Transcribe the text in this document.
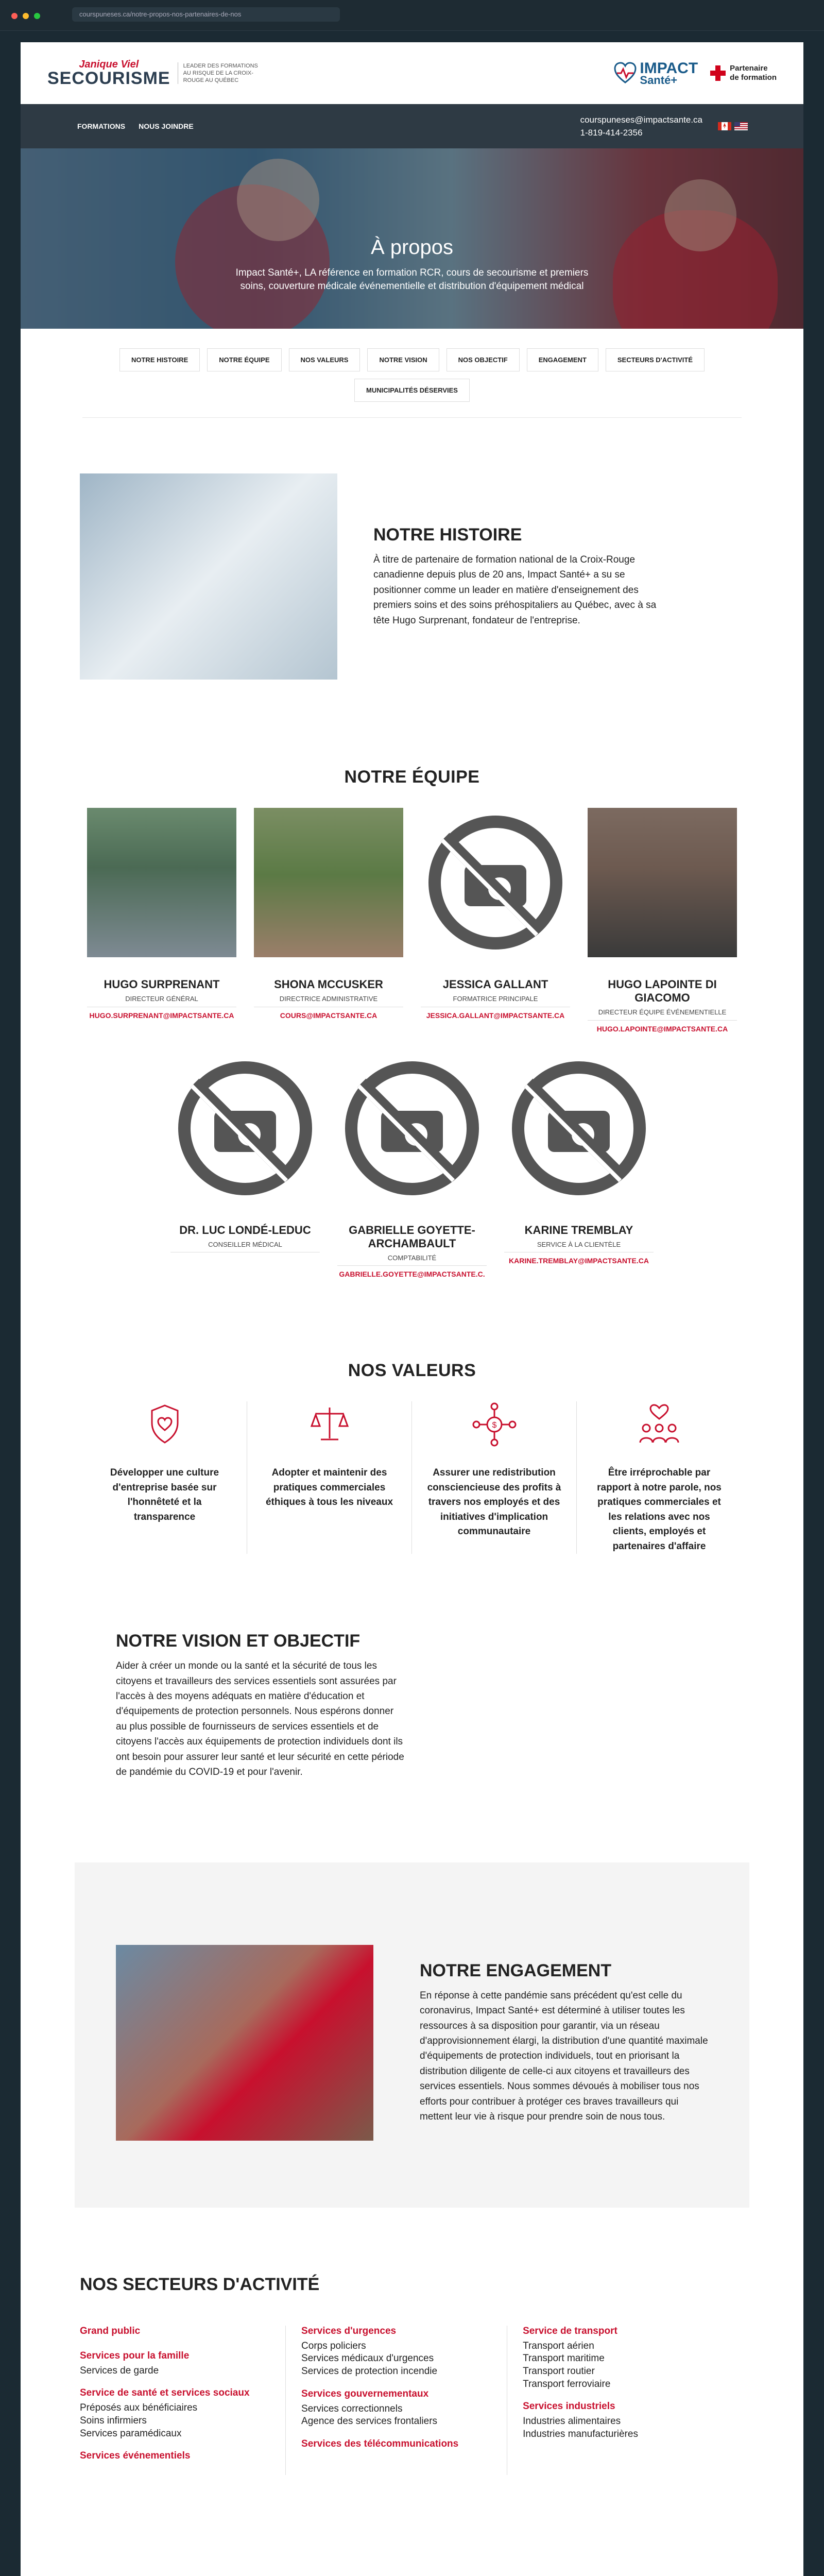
courspuneses.ca/notre-propos-nos-partenaires-de-nos
Janique Viel
SECOURISME
LEADER DES FORMATIONS AU RISQUE DE LA CROIX-ROUGE AU QUÉBEC
IMPACT
Santé+
Partenaire
de formation
FORMATIONS NOUS JOINDRE
courspuneses@impactsante.ca
1-819-414-2356
À propos

Impact Santé+, LA référence en formation RCR, cours de secourisme et premiers soins, couverture médicale événementielle et distribution d'équipement médical

NOTRE HISTOIRE	NOTRE ÉQUIPE	NOS VALEURS	NOTRE VISION	NOS OBJECTIF	ENGAGEMENT	SECTEURS D'ACTIVITÉ
MUNICIPALITÉS DÉSERVIES
NOTRE HISTOIRE

À titre de partenaire de formation national de la Croix-Rouge canadienne depuis plus de 20 ans, Impact Santé+ a su se positionner comme un leader en matière d'enseignement des premiers soins et des soins préhospitaliers au Québec, avec à sa tête Hugo Surprenant, fondateur de l'entreprise.

NOTRE ÉQUIPE
HUGO SURPRENANT
DIRECTEUR GÉNÉRAL
HUGO.SURPRENANT@IMPACTSANTE.CA
SHONA MCCUSKER
DIRECTRICE ADMINISTRATIVE
COURS@IMPACTSANTE.CA
JESSICA GALLANT
FORMATRICE PRINCIPALE
JESSICA.GALLANT@IMPACTSANTE.CA
HUGO LAPOINTE DI GIACOMO
DIRECTEUR ÉQUIPE ÉVÉNEMENTIELLE
HUGO.LAPOINTE@IMPACTSANTE.CA
DR. LUC LONDÉ-LEDUC
CONSEILLER MÉDICAL
GABRIELLE GOYETTE-ARCHAMBAULT
COMPTABILITÉ
GABRIELLE.GOYETTE@IMPACTSANTE.C.
KARINE TREMBLAY
SERVICE À LA CLIENTÈLE
KARINE.TREMBLAY@IMPACTSANTE.CA
NOS VALEURS

Développer une culture d'entreprise basée sur l'honnêteté et la transparence

Adopter et maintenir des pratiques commerciales éthiques à tous les niveaux

$

Assurer une redistribution consciencieuse des profits à travers nos employés et des initiatives d'implication communautaire

Être irréprochable par rapport à notre parole, nos pratiques commerciales et les relations avec nos clients, employés et partenaires d'affaire

NOTRE VISION ET OBJECTIF

Aider à créer un monde ou la santé et la sécurité de tous les citoyens et travailleurs des services essentiels sont assurées par l'accès à des moyens adéquats en matière d'éducation et d'équipements de protection personnels. Nous espérons donner au plus possible de fournisseurs de services essentiels et de citoyens l'accès aux équipements de protection individuels dont ils ont besoin pour assurer leur santé et leur sécurité en cette période de pandémie du COVID-19 et pour l'avenir.

NOTRE ENGAGEMENT

En réponse à cette pandémie sans précédent qu'est celle du coronavirus, Impact Santé+ est déterminé à utiliser toutes les ressources à sa disposition pour garantir, via un réseau d'approvisionnement élargi, la distribution d'une quantité maximale d'équipements de protection individuels, tout en priorisant la distribution diligente de celle-ci aux citoyens et travailleurs des services essentiels. Nous sommes dévoués à mobiliser tous nos efforts pour contribuer à protéger ces braves travailleurs qui mettent leur vie à risque pour prendre soin de nous tous.

NOS SECTEURS D'ACTIVITÉ
Grand public
Services pour la famille
Services de garde
Service de santé et services sociaux
Préposés aux bénéficiaires
Soins infirmiers
Services paramédicaux
Services événementiels
Services d'urgences
Corps policiers
Services médicaux d'urgences
Services de protection incendie
Services gouvernementaux
Services correctionnels
Agence des services frontaliers
Services des télécommunications
Service de transport
Transport aérien
Transport maritime
Transport routier
Transport ferroviaire
Services industriels
Industries alimentaires
Industries manufacturières
